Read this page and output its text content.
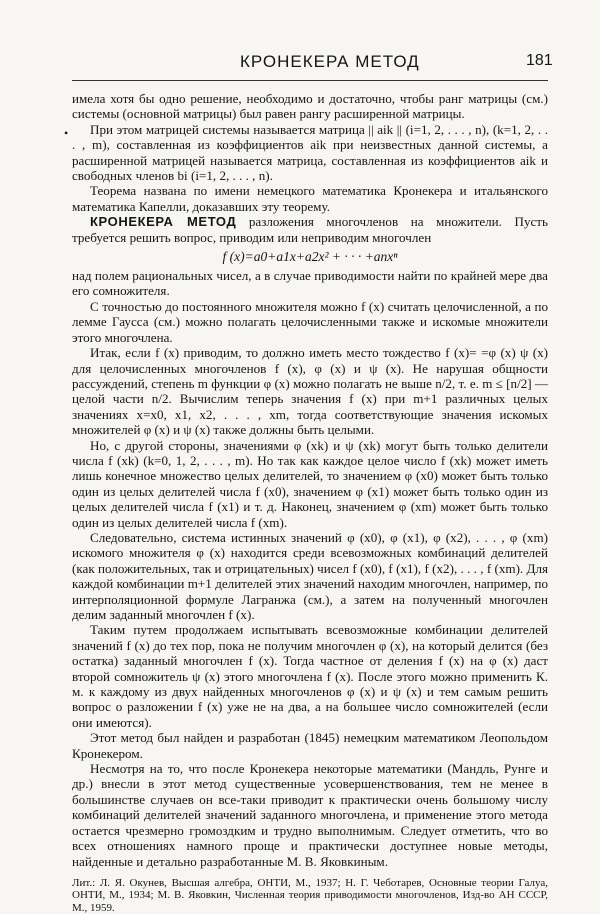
КРОНЕКЕРА МЕТОД	181
•

имела хотя бы одно решение, необходимо и достаточно, чтобы ранг матрицы (см.) системы (основной матрицы) был равен рангу расширенной матрицы.

При этом матрицей системы называется матрица || aik || (i=1, 2, . . . , n), (k=1, 2, . . . , m), составленная из коэффициентов aik при неизвестных данной системы, а расширенной матрицей называется матрица, составленная из коэффициентов aik и свободных членов bi (i=1, 2, . . . , n).

Теорема названа по имени немецкого математика Кронекера и итальянского математика Капелли, доказавших эту теорему.

КРОНЕКЕРА МЕТОД разложения многочленов на множители. Пусть требуется решить вопрос, приводим или неприводим многочлен

f (x)=a0+a1x+a2x² + · · · +anxⁿ

над полем рациональных чисел, а в случае приводимости найти по крайней мере два его сомножителя.

С точностью до постоянного множителя можно f (x) считать целочисленной, а по лемме Гаусса (см.) можно полагать целочисленными также и искомые множители этого многочлена.

Итак, если f (x) приводим, то должно иметь место тождество f (x)= =φ (x) ψ (x) для целочисленных многочленов f (x), φ (x) и ψ (x). Не нарушая общности рассуждений, степень m функции φ (x) можно полагать не выше n/2, т. е. m ≤ [n/2] — целой части n/2. Вычислим теперь значения f (x) при m+1 различных целых значениях x=x0, x1, x2, . . . , xm, тогда соответствующие значения искомых множителей φ (x) и ψ (x) также должны быть целыми.

Но, с другой стороны, значениями φ (xk) и ψ (xk) могут быть только делители числа f (xk) (k=0, 1, 2, . . . , m). Но так как каждое целое число f (xk) может иметь лишь конечное множество целых делителей, то значением φ (x0) может быть только один из целых делителей числа f (x0), значением φ (x1) может быть только один из целых делителей числа f (x1) и т. д. Наконец, значением φ (xm) может быть только один из целых делителей числа f (xm).

Следовательно, система истинных значений φ (x0), φ (x1), φ (x2), . . . , φ (xm) искомого множителя φ (x) находится среди всевозможных комбинаций делителей (как положительных, так и отрицательных) чисел f (x0), f (x1), f (x2), . . . , f (xm). Для каждой комбинации m+1 делителей этих значений находим многочлен, например, по интерполяционной формуле Лагранжа (см.), а затем на полученный многочлен делим заданный многочлен f (x).

Таким путем продолжаем испытывать всевозможные комбинации делителей значений f (x) до тех пор, пока не получим многочлен φ (x), на который делится (без остатка) заданный многочлен f (x). Тогда частное от деления f (x) на φ (x) даст второй сомножитель ψ (x) этого многочлена f (x). После этого можно применить К. м. к каждому из двух найденных многочленов φ (x) и ψ (x) и тем самым решить вопрос о разложении f (x) уже не на два, а на большее число сомножителей (если они имеются).

Этот метод был найден и разработан (1845) немецким математиком Леопольдом Кронекером.

Несмотря на то, что после Кронекера некоторые математики (Мандль, Рунге и др.) внесли в этот метод существенные усовершенствования, тем не менее в большинстве случаев он все-таки приводит к практически очень большому числу комбинаций делителей значений заданного многочлена, и применение этого метода остается чрезмерно громоздким и трудно выполнимым. Следует отметить, что во всех отношениях намного проще и практически доступнее новые методы, найденные и детально разработанные М. В. Яковкиным.

Лит.: Л. Я. Окунев, Высшая алгебра, ОНТИ, М., 1937; Н. Г. Чеботарев, Основные теории Галуа, ОНТИ, М., 1934; М. В. Яковкин, Численная теория приводимости многочленов, Изд-во АН СССР, М., 1959.
